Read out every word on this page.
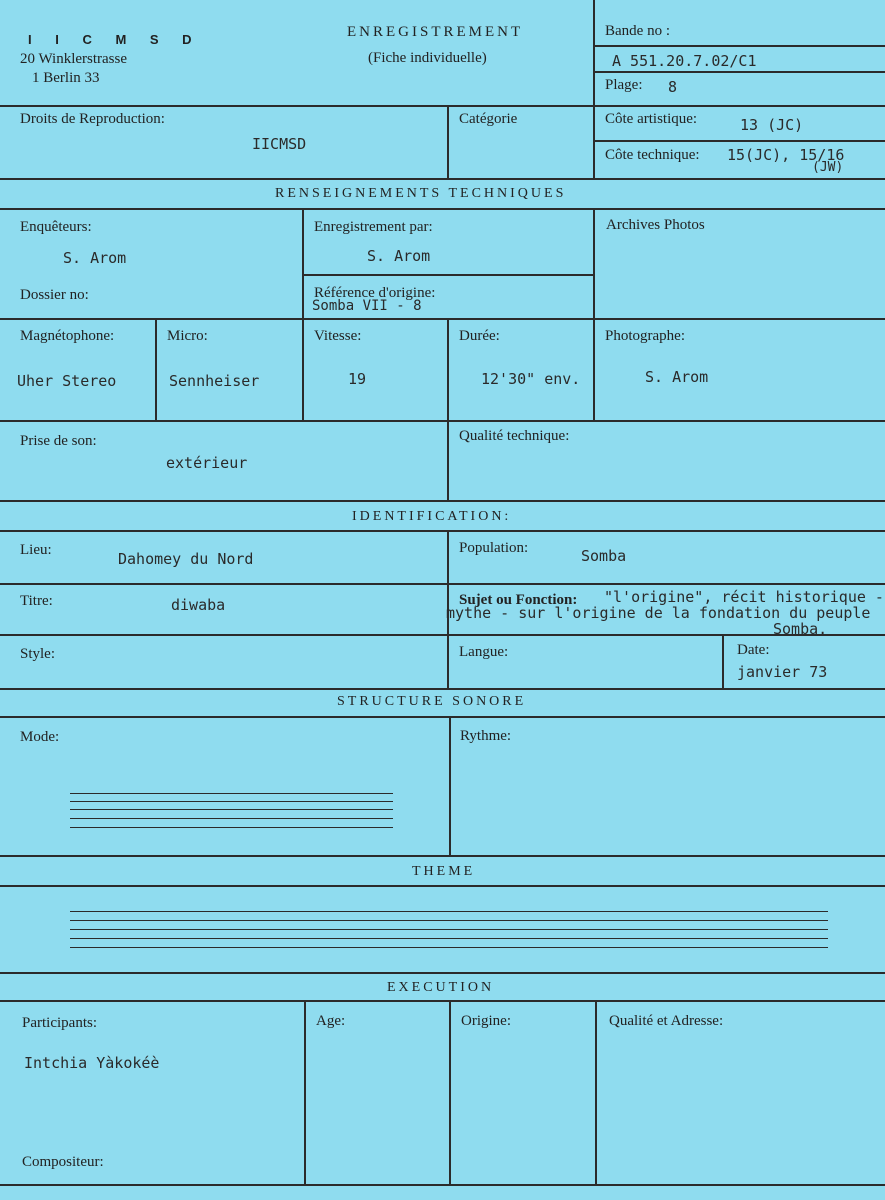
I I C M S D
20 Winklerstrasse
1 Berlin 33
ENREGISTREMENT
(Fiche individuelle)
Bande no :
A 551.20.7.02/C1
Plage: 8
Droits de Reproduction:
IICMSD
Catégorie	Côte artistique:	13 (JC)
Côte technique: 15(JC), 15/16
(JW)
RENSEIGNEMENTS TECHNIQUES
Enquêteurs:
S. Arom
Enregistrement par:
S. Arom
Archives Photos
Dossier no:	Référence d'origine:
Somba VII - 8
Magnétophone:
Uher Stereo
Micro:
Sennheiser
Vitesse:
19
Durée:
12'30" env.
Photographe:
S. Arom
Prise de son:
extérieur
Qualité technique:
IDENTIFICATION:
Lieu:	Dahomey du Nord
Population:	Somba
Titre:	diwaba	Sujet ou Fonction: "l'origine", récit historique -
mythe - sur l'origine de la fondation du peuple
Somba.
Style:	Langue:	Date:
janvier 73
STRUCTURE SONORE
Mode:	Rythme:
THEME
EXECUTION
Participants:
Intchia Yàkokéè
Age:	Origine:	Qualité et Adresse:
Compositeur:
